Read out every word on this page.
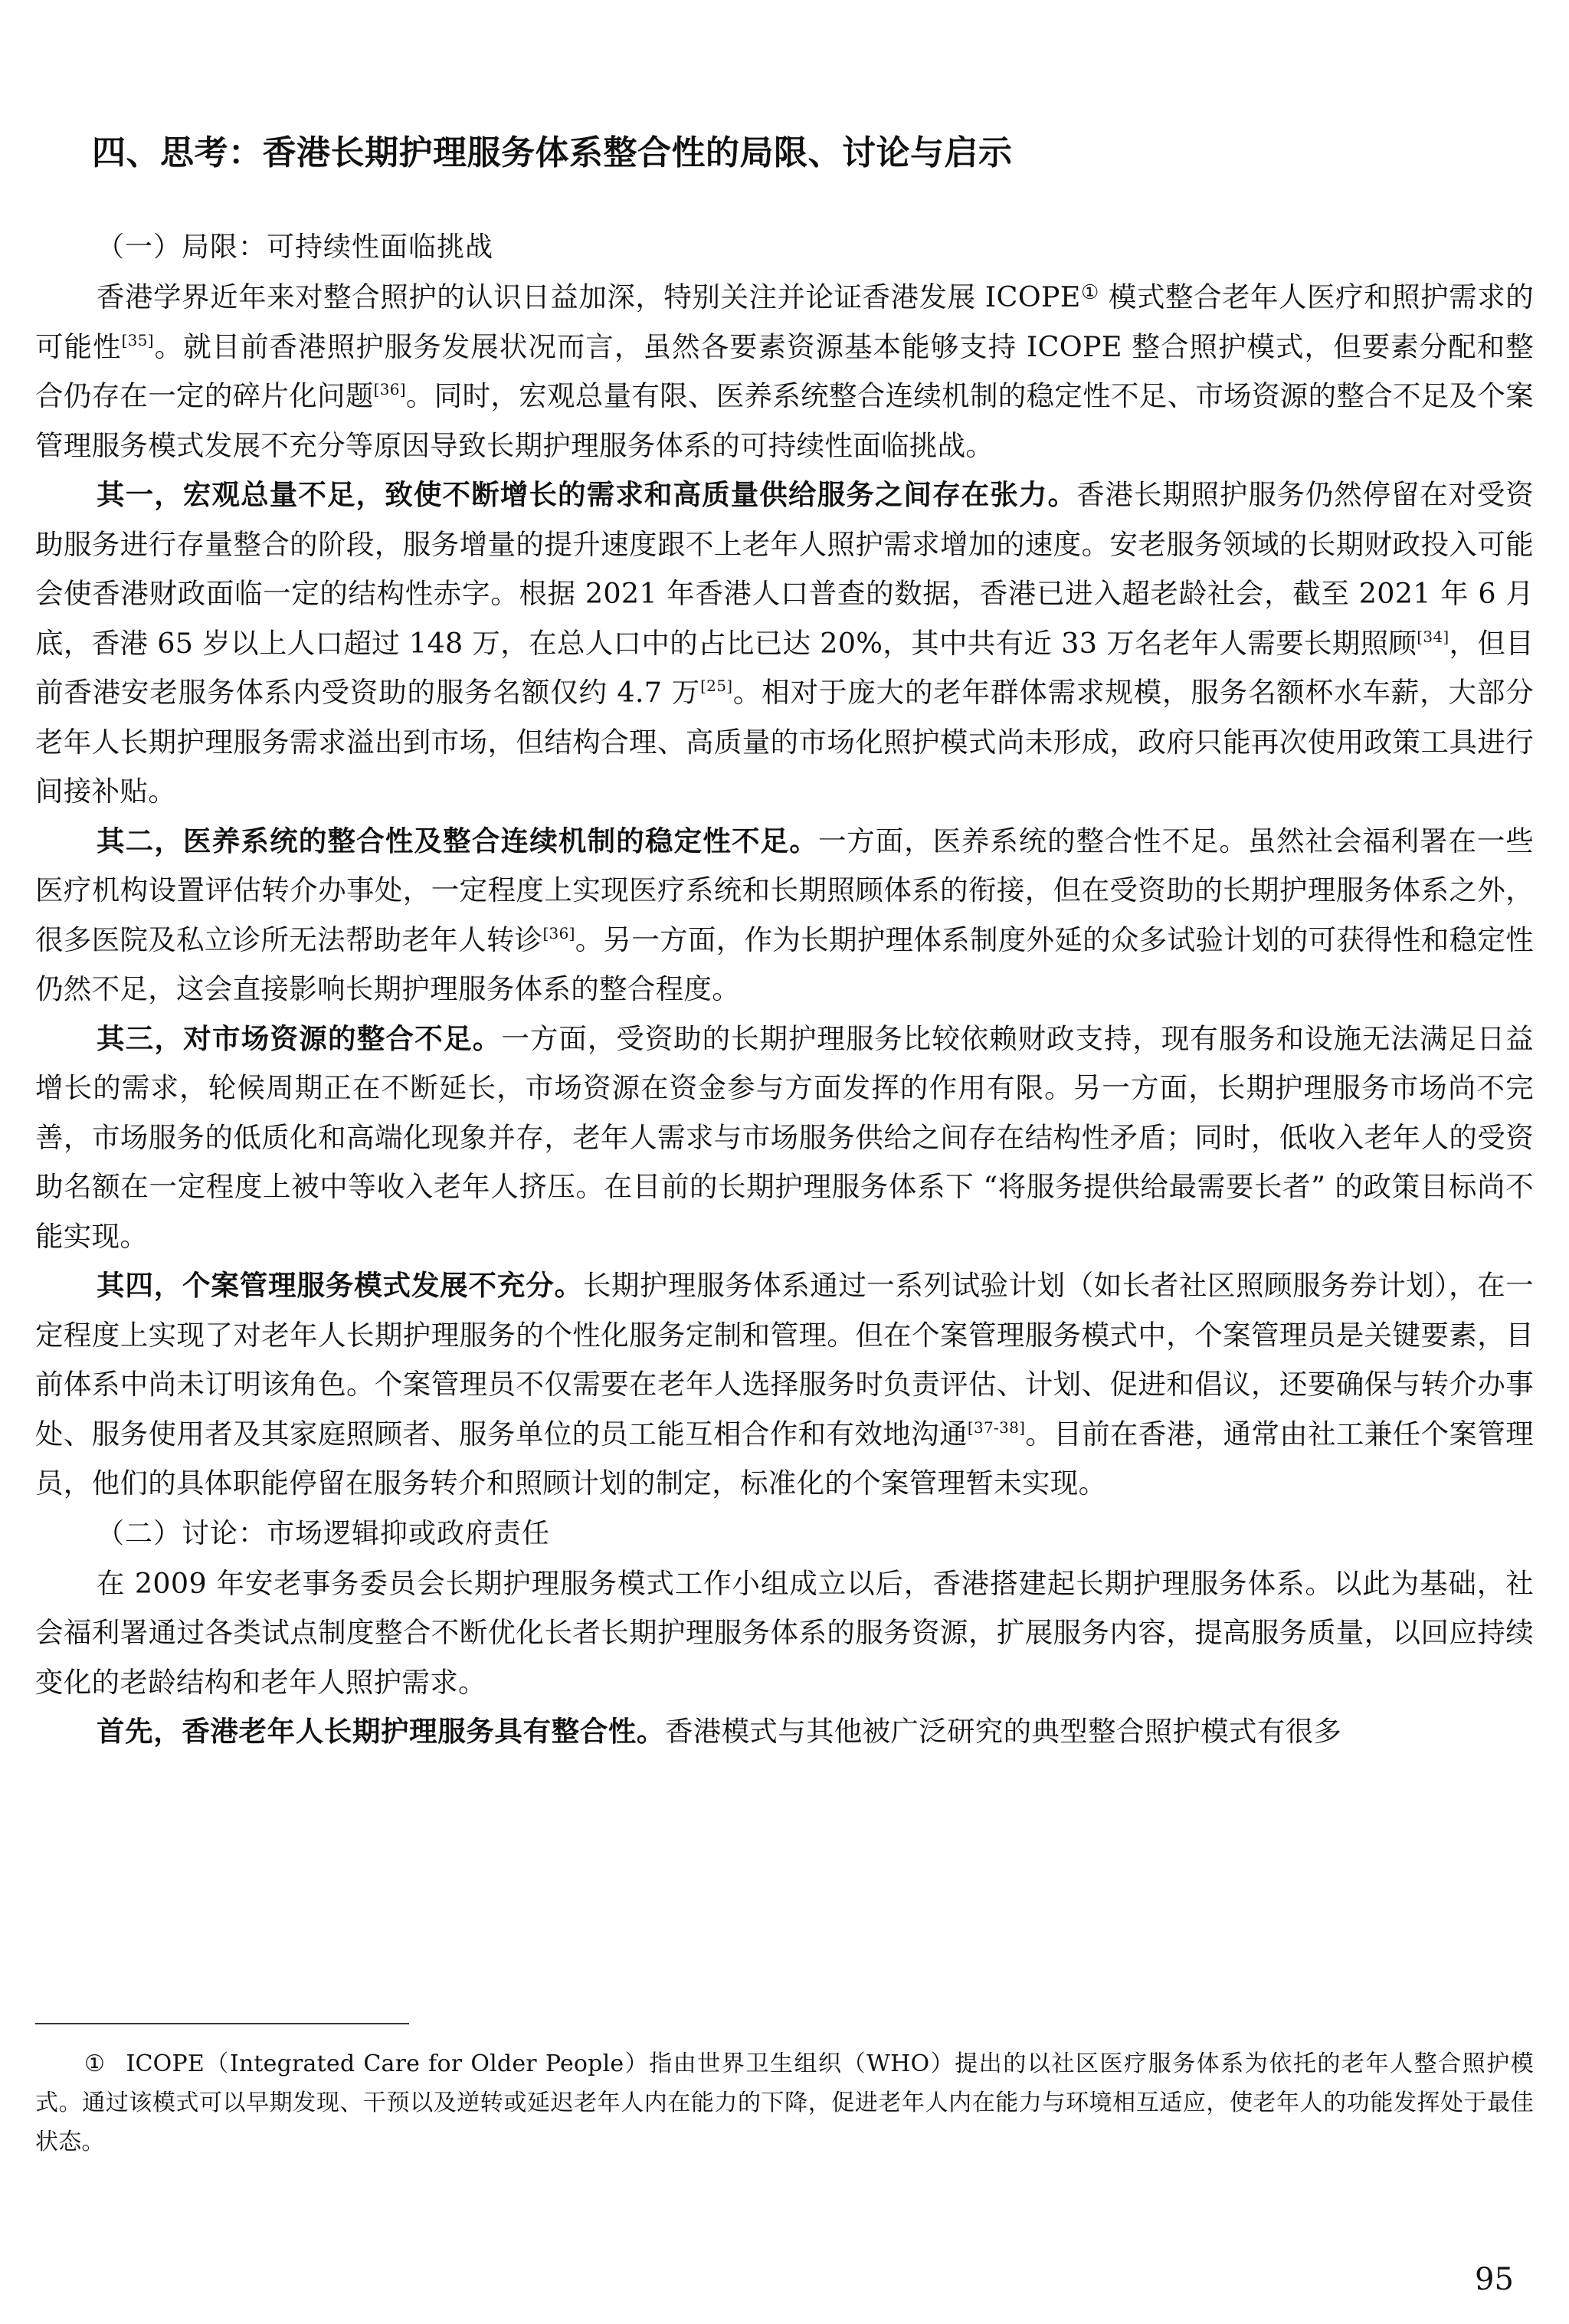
四、思考：香港长期护理服务体系整合性的局限、讨论与启示
（一）局限：可持续性面临挑战

香港学界近年来对整合照护的认识日益加深，特别关注并论证香港发展 ICOPE① 模式整合老年人医疗和照护需求的可能性[35]。就目前香港照护服务发展状况而言，虽然各要素资源基本能够支持 ICOPE 整合照护模式，但要素分配和整合仍存在一定的碎片化问题[36]。同时，宏观总量有限、医养系统整合连续机制的稳定性不足、市场资源的整合不足及个案管理服务模式发展不充分等原因导致长期护理服务体系的可持续性面临挑战。

其一，宏观总量不足，致使不断增长的需求和高质量供给服务之间存在张力。香港长期照护服务仍然停留在对受资助服务进行存量整合的阶段，服务增量的提升速度跟不上老年人照护需求增加的速度。安老服务领域的长期财政投入可能会使香港财政面临一定的结构性赤字。根据 2021 年香港人口普查的数据，香港已进入超老龄社会，截至 2021 年 6 月底，香港 65 岁以上人口超过 148 万，在总人口中的占比已达 20%，其中共有近 33 万名老年人需要长期照顾[34]，但目前香港安老服务体系内受资助的服务名额仅约 4.7 万[25]。相对于庞大的老年群体需求规模，服务名额杯水车薪，大部分老年人长期护理服务需求溢出到市场，但结构合理、高质量的市场化照护模式尚未形成，政府只能再次使用政策工具进行间接补贴。

其二，医养系统的整合性及整合连续机制的稳定性不足。一方面，医养系统的整合性不足。虽然社会福利署在一些医疗机构设置评估转介办事处，一定程度上实现医疗系统和长期照顾体系的衔接，但在受资助的长期护理服务体系之外，很多医院及私立诊所无法帮助老年人转诊[36]。另一方面，作为长期护理体系制度外延的众多试验计划的可获得性和稳定性仍然不足，这会直接影响长期护理服务体系的整合程度。

其三，对市场资源的整合不足。一方面，受资助的长期护理服务比较依赖财政支持，现有服务和设施无法满足日益增长的需求，轮候周期正在不断延长，市场资源在资金参与方面发挥的作用有限。另一方面，长期护理服务市场尚不完善，市场服务的低质化和高端化现象并存，老年人需求与市场服务供给之间存在结构性矛盾；同时，低收入老年人的受资助名额在一定程度上被中等收入老年人挤压。在目前的长期护理服务体系下 “将服务提供给最需要长者” 的政策目标尚不能实现。

其四，个案管理服务模式发展不充分。长期护理服务体系通过一系列试验计划（如长者社区照顾服务券计划），在一定程度上实现了对老年人长期护理服务的个性化服务定制和管理。但在个案管理服务模式中，个案管理员是关键要素，目前体系中尚未订明该角色。个案管理员不仅需要在老年人选择服务时负责评估、计划、促进和倡议，还要确保与转介办事处、服务使用者及其家庭照顾者、服务单位的员工能互相合作和有效地沟通[37-38]。目前在香港，通常由社工兼任个案管理员，他们的具体职能停留在服务转介和照顾计划的制定，标准化的个案管理暂未实现。

（二）讨论：市场逻辑抑或政府责任

在 2009 年安老事务委员会长期护理服务模式工作小组成立以后，香港搭建起长期护理服务体系。以此为基础，社会福利署通过各类试点制度整合不断优化长者长期护理服务体系的服务资源，扩展服务内容，提高服务质量，以回应持续变化的老龄结构和老年人照护需求。

首先，香港老年人长期护理服务具有整合性。香港模式与其他被广泛研究的典型整合照护模式有很多

① ICOPE（Integrated Care for Older People）指由世界卫生组织（WHO）提出的以社区医疗服务体系为依托的老年人整合照护模式。通过该模式可以早期发现、干预以及逆转或延迟老年人内在能力的下降，促进老年人内在能力与环境相互适应，使老年人的功能发挥处于最佳状态。
95
